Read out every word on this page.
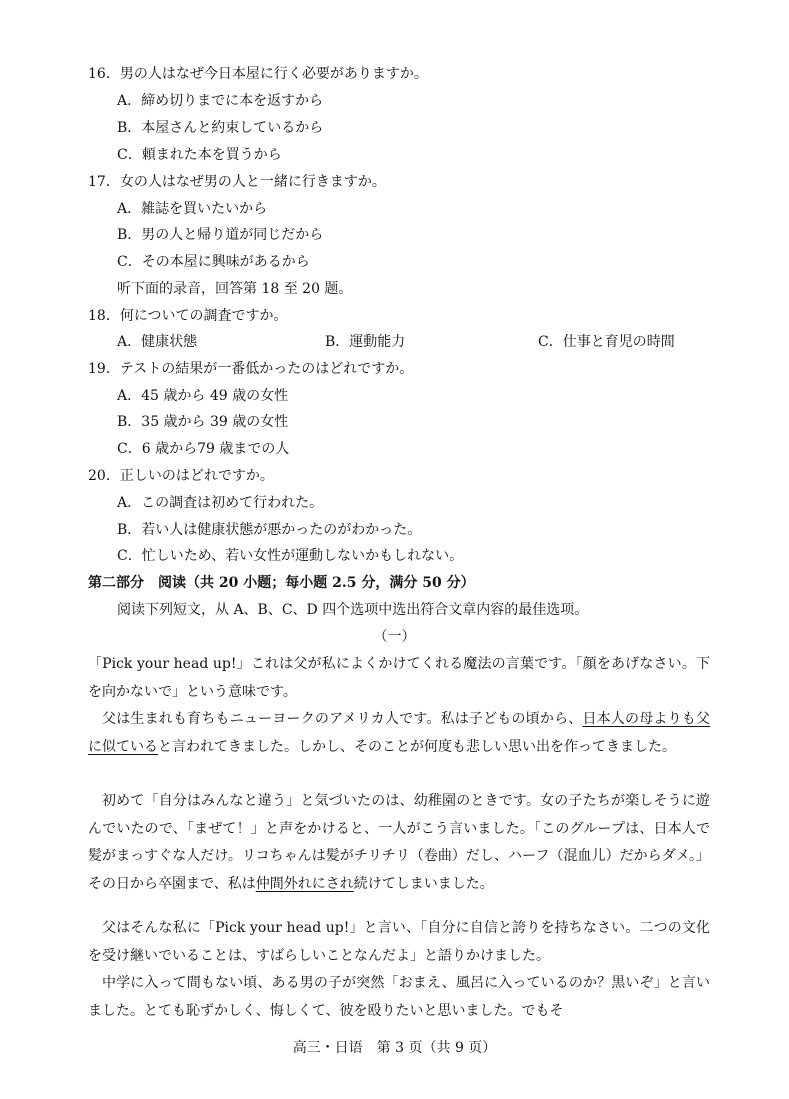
16．男の人はなぜ今日本屋に行く必要がありますか。
A．締め切りまでに本を返すから
B．本屋さんと約束しているから
C．頼まれた本を買うから
17．女の人はなぜ男の人と一緒に行きますか。
A．雑誌を買いたいから
B．男の人と帰り道が同じだから
C．その本屋に興味があるから
听下面的录音，回答第 18 至 20 题。
18．何についての調査ですか。
A．健康状態	B．運動能力	C．仕事と育児の時間
19．テストの結果が一番低かったのはどれですか。
A．45 歳から 49 歳の女性
B．35 歳から 39 歳の女性
C．6 歳から79 歳までの人
20．正しいのはどれですか。
A．この調査は初めて行われた。
B．若い人は健康状態が悪かったのがわかった。
C．忙しいため、若い女性が運動しないかもしれない。
第二部分　阅读（共 20 小题；每小题 2.5 分，满分 50 分）
阅读下列短文，从 A、B、C、D 四个选项中选出符合文章内容的最佳选项。
（一）
「Pick your head up!」これは父が私によくかけてくれる魔法の言葉です。「顔をあげなさい。下を向かないで」という意味です。
父は生まれも育ちもニューヨークのアメリカ人です。私は子どもの頃から、日本人の母よりも父に似ていると言われてきました。しかし、そのことが何度も悲しい思い出を作ってきました。
初めて「自分はみんなと違う」と気づいたのは、幼稚園のときです。女の子たちが楽しそうに遊んでいたので、「まぜて！」と声をかけると、一人がこう言いました。「このグループは、日本人で髪がまっすぐな人だけ。リコちゃんは髪がチリチリ（卷曲）だし、ハーフ（混血儿）だからダメ。」その日から卒園まで、私は仲間外れにされ続けてしまいました。
父はそんな私に「Pick your head up!」と言い、「自分に自信と誇りを持ちなさい。二つの文化を受け継いでいることは、すばらしいことなんだよ」と語りかけました。
中学に入って間もない頃、ある男の子が突然「おまえ、風呂に入っているのか？黒いぞ」と言いました。とても恥ずかしく、悔しくて、彼を殴りたいと思いました。でもそ
高三・日语　第 3 页（共 9 页）
